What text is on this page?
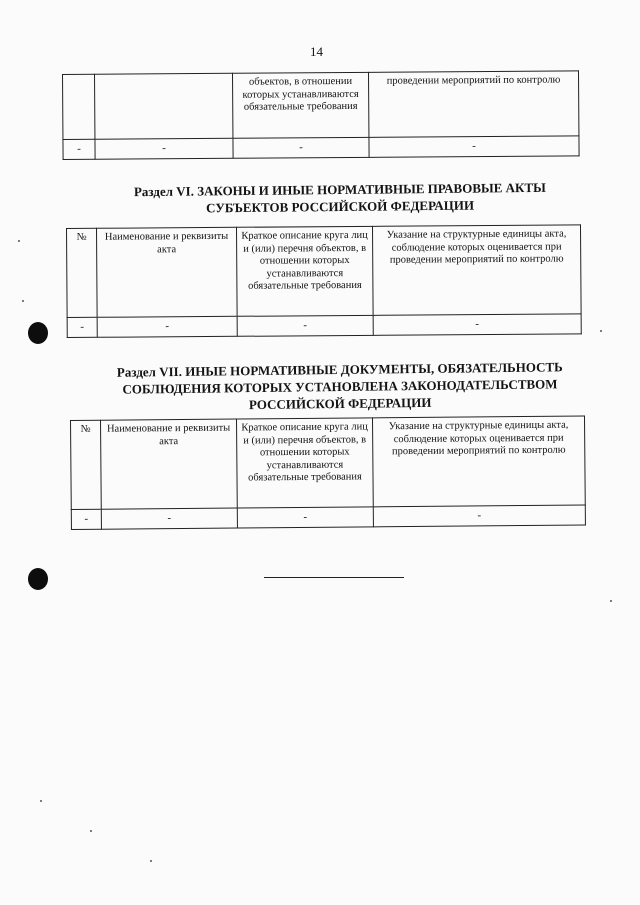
14
		объектов, в отношении которых устанавливаются обязательные требования	проведении мероприятий по контролю
-	-	-	-
Раздел VI. ЗАКОНЫ И ИНЫЕ НОРМАТИВНЫЕ ПРАВОВЫЕ АКТЫ
СУБЪЕКТОВ РОССИЙСКОЙ ФЕДЕРАЦИИ
№	Наименование и реквизиты акта	Краткое описание круга лиц и (или) перечня объектов, в отношении которых устанавливаются обязательные требования	Указание на структурные единицы акта, соблюдение которых оценивается при проведении мероприятий по контролю
-	-	-	-
Раздел VII. ИНЫЕ НОРМАТИВНЫЕ ДОКУМЕНТЫ, ОБЯЗАТЕЛЬНОСТЬ
СОБЛЮДЕНИЯ КОТОРЫХ УСТАНОВЛЕНА ЗАКОНОДАТЕЛЬСТВОМ
РОССИЙСКОЙ ФЕДЕРАЦИИ
№	Наименование и реквизиты акта	Краткое описание круга лиц и (или) перечня объектов, в отношении которых устанавливаются обязательные требования	Указание на структурные единицы акта, соблюдение которых оценивается при проведении мероприятий по контролю
-	-	-	-
